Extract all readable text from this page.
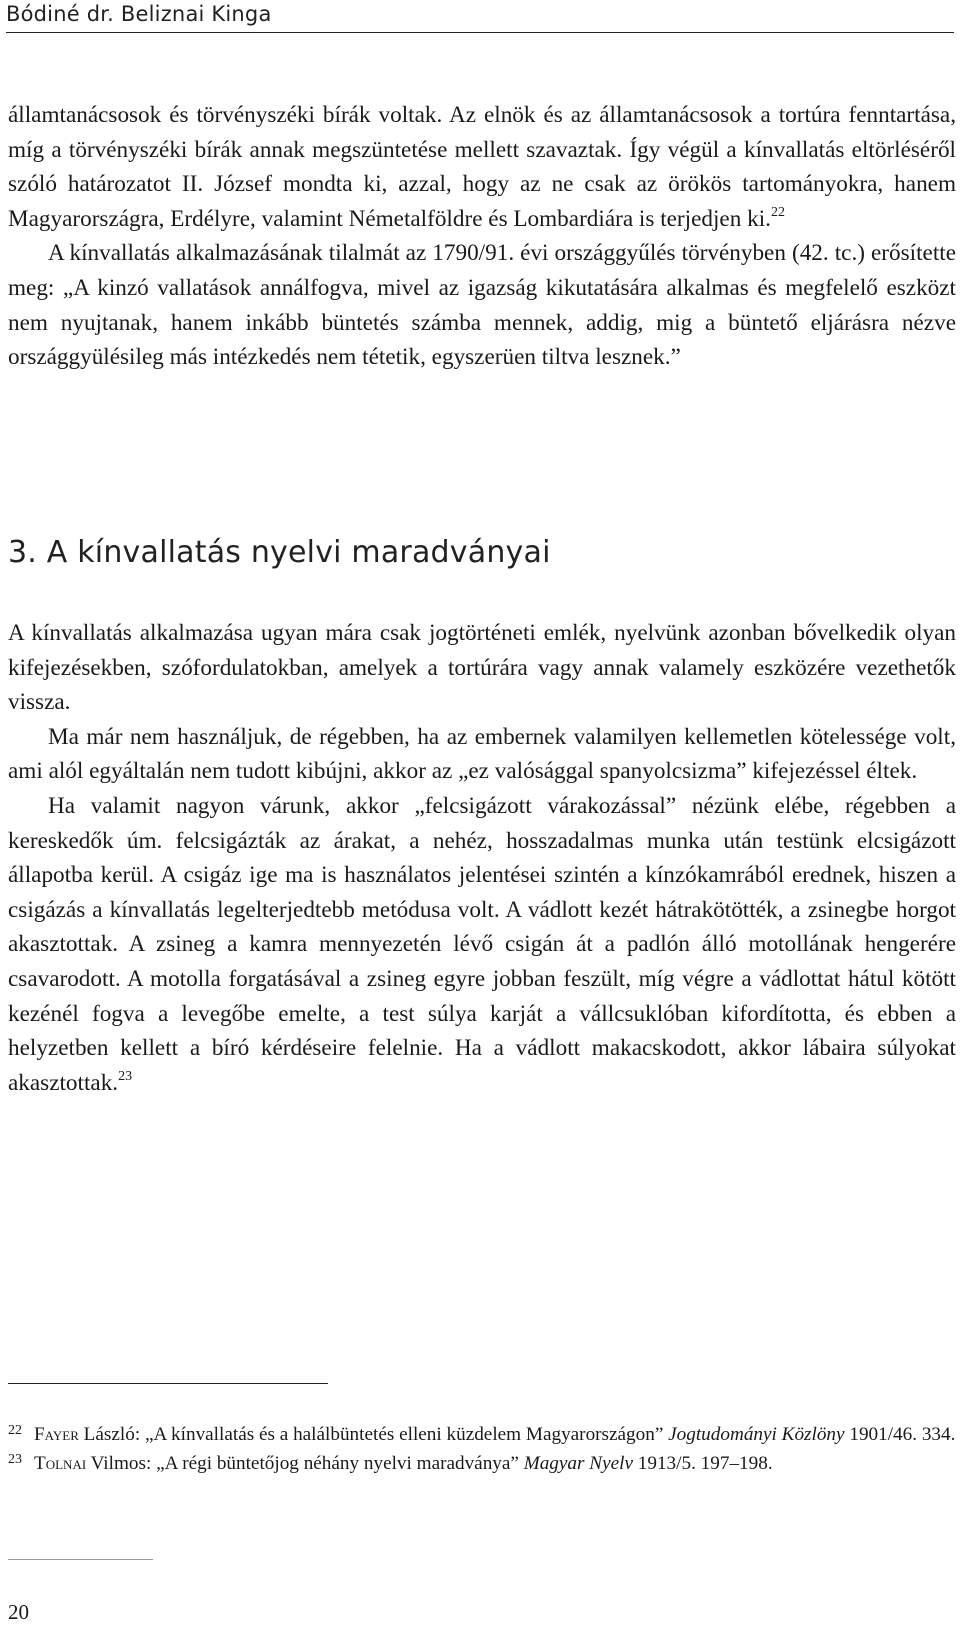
Bódiné dr. Beliznai Kinga

államtanácsosok és törvényszéki bírák voltak. Az elnök és az államtanácsosok a tortúra fenntartása, míg a törvényszéki bírák annak megszüntetése mellett szavaztak. Így végül a kínvallatás eltörléséről szóló határozatot II. József mondta ki, azzal, hogy az ne csak az örökös tartományokra, hanem Magyarországra, Erdélyre, valamint Németalföldre és Lombardiára is terjedjen ki.$^{22}$

A kínvallatás alkalmazásának tilalmát az 1790/91. évi országgyűlés törvényben (42. tc.) erősítette meg: „A kinzó vallatások annálfogva, mivel az igazság kikutatására alkalmas és megfelelő eszközt nem nyujtanak, hanem inkább büntetés számba mennek, addig, mig a büntető eljárásra nézve országgyülésileg más intézkedés nem tétetik, egyszerüen tiltva lesznek.”

3. A kínvallatás nyelvi maradványai

A kínvallatás alkalmazása ugyan mára csak jogtörténeti emlék, nyelvünk azonban bővelkedik olyan kifejezésekben, szófordulatokban, amelyek a tortúrára vagy annak valamely eszközére vezethetők vissza.

Ma már nem használjuk, de régebben, ha az embernek valamilyen kellemetlen kötelessége volt, ami alól egyáltalán nem tudott kibújni, akkor az „ez valósággal spanyolcsizma” kifejezéssel éltek.

Ha valamit nagyon várunk, akkor „felcsigázott várakozással” nézünk elébe, régebben a kereskedők úm. felcsigázták az árakat, a nehéz, hosszadalmas munka után testünk elcsigázott állapotba kerül. A csigáz ige ma is használatos jelentései szintén a kínzókamrából erednek, hiszen a csigázás a kínvallatás legelterjedtebb metódusa volt. A vádlott kezét hátrakötötték, a zsinegbe horgot akasztottak. A zsineg a kamra mennyezetén lévő csigán át a padlón álló motollának hengerére csavarodott. A motolla forgatásával a zsineg egyre jobban feszült, míg végre a vádlottat hátul kötött kezénél fogva a levegőbe emelte, a test súlya karját a vállcsuklóban kifordította, és ebben a helyzetben kellett a bíró kérdéseire felelnie. Ha a vádlott makacskodott, akkor lábaira súlyokat akasztottak.$^{23}$

22 Fayer László: „A kínvallatás és a halálbüntetés elleni küzdelem Magyarországon” Jogtudományi Közlöny 1901/46. 334.

23 Tolnai Vilmos: „A régi büntetőjog néhány nyelvi maradványa” Magyar Nyelv 1913/5. 197–198.

20
